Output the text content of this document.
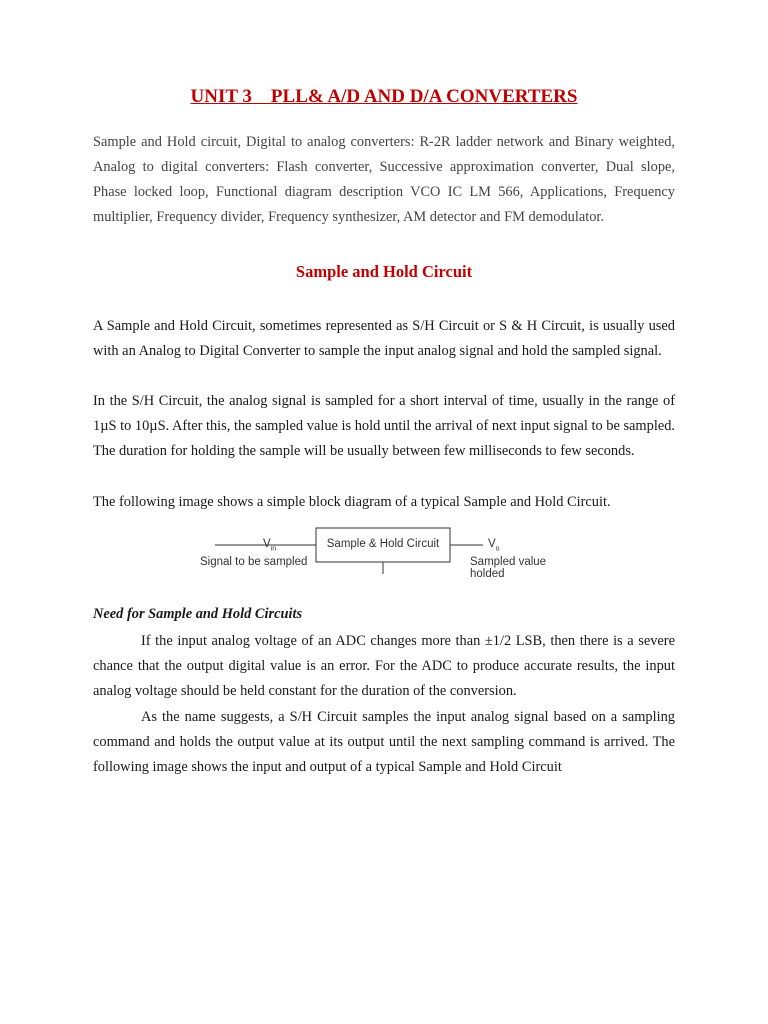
UNIT 3    PLL& A/D AND D/A CONVERTERS
Sample and Hold circuit, Digital to analog converters: R-2R ladder network and Binary weighted, Analog to digital converters: Flash converter, Successive approximation converter, Dual slope, Phase locked loop, Functional diagram description VCO IC LM 566, Applications, Frequency multiplier, Frequency divider, Frequency synthesizer, AM detector and FM demodulator.
Sample and Hold Circuit
A Sample and Hold Circuit, sometimes represented as S/H Circuit or S & H Circuit, is usually used with an Analog to Digital Converter to sample the input analog signal and hold the sampled signal.
In the S/H Circuit, the analog signal is sampled for a short interval of time, usually in the range of 1µS to 10µS. After this, the sampled value is hold until the arrival of next input signal to be sampled. The duration for holding the sample will be usually between few milliseconds to few seconds.
The following image shows a simple block diagram of a typical Sample and Hold Circuit.
Need for Sample and Hold Circuits
If the input analog voltage of an ADC changes more than ±1/2 LSB, then there is a severe chance that the output digital value is an error. For the ADC to produce accurate results, the input analog voltage should be held constant for the duration of the conversion.
As the name suggests, a S/H Circuit samples the input analog signal based on a sampling command and holds the output value at its output until the next sampling command is arrived. The following image shows the input and output of a typical Sample and Hold Circuit
$V_{in}$
Signal to be sampled
Sample & Hold Circuit	$V_o$
Sampled value holded
